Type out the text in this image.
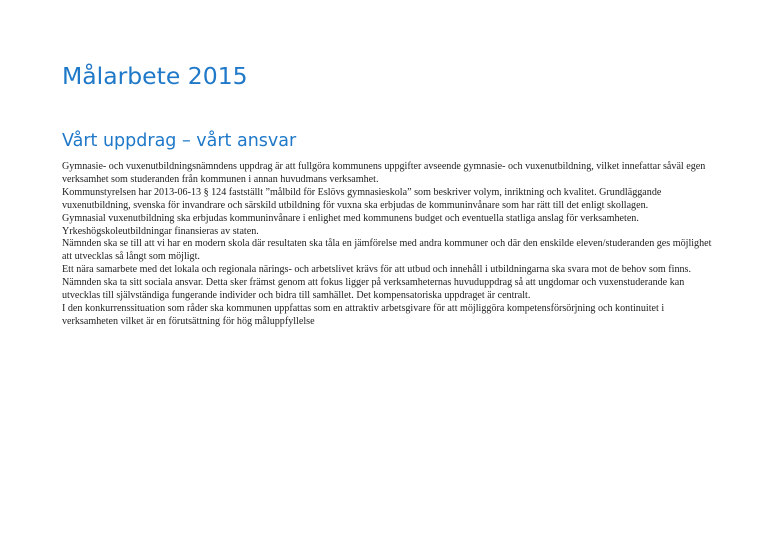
Målarbete 2015
Vårt uppdrag – vårt ansvar

Gymnasie- och vuxenutbildningsnämndens uppdrag är att fullgöra kommunens uppgifter avseende gymnasie- och vuxenutbildning, vilket innefattar såväl egen verksamhet som studeranden från kommunen i annan huvudmans verksamhet.

Kommunstyrelsen har 2013-06-13 § 124 fastställt ”målbild för Eslövs gymnasieskola” som beskriver volym, inriktning och kvalitet. Grundläggande vuxenutbildning, svenska för invandrare och särskild utbildning för vuxna ska erbjudas de kommuninvånare som har rätt till det enligt skollagen.

Gymnasial vuxenutbildning ska erbjudas kommuninvånare i enlighet med kommunens budget och eventuella statliga anslag för verksamheten.

Yrkeshögskoleutbildningar finansieras av staten.

Nämnden ska se till att vi har en modern skola där resultaten ska tåla en jämförelse med andra kommuner och där den enskilde eleven/studeranden ges möjlighet att utvecklas så långt som möjligt.

Ett nära samarbete med det lokala och regionala närings- och arbetslivet krävs för att utbud och innehåll i utbildningarna ska svara mot de behov som finns.

Nämnden ska ta sitt sociala ansvar. Detta sker främst genom att fokus ligger på verksamheternas huvuduppdrag så att ungdomar och vuxenstuderande kan utvecklas till självständiga fungerande individer och bidra till samhället. Det kompensatoriska uppdraget är centralt.

I den konkurrenssituation som råder ska kommunen uppfattas som en attraktiv arbetsgivare för att möjliggöra kompetensförsörjning och kontinuitet i verksamheten vilket är en förutsättning för hög måluppfyllelse
